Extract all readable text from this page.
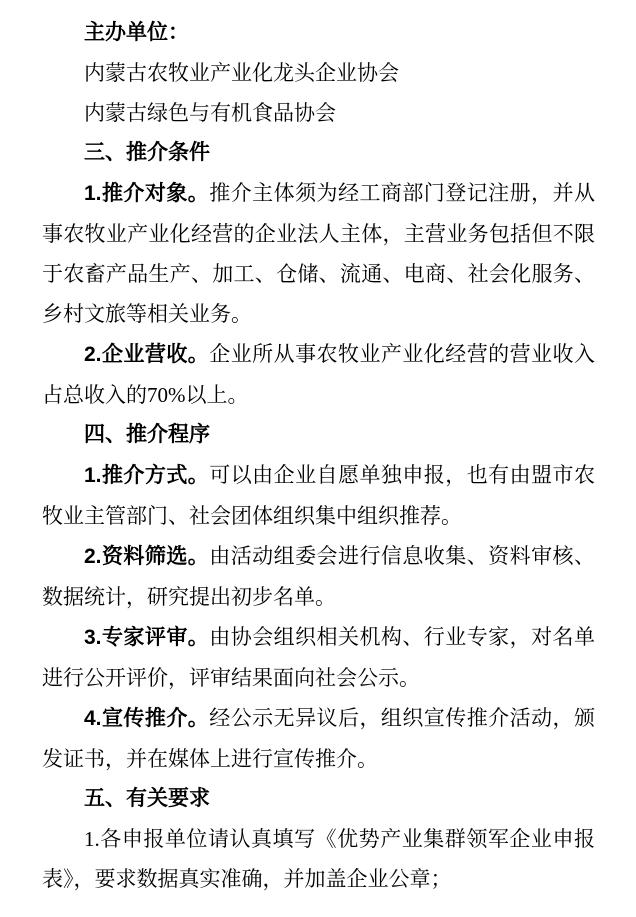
主办单位：

内蒙古农牧业产业化龙头企业协会

内蒙古绿色与有机食品协会

三、推介条件

1.推介对象。推介主体须为经工商部门登记注册，并从事农牧业产业化经营的企业法人主体，主营业务包括但不限于农畜产品生产、加工、仓储、流通、电商、社会化服务、乡村文旅等相关业务。

2.企业营收。企业所从事农牧业产业化经营的营业收入占总收入的70%以上。

四、推介程序

1.推介方式。可以由企业自愿单独申报，也有由盟市农牧业主管部门、社会团体组织集中组织推荐。

2.资料筛选。由活动组委会进行信息收集、资料审核、数据统计，研究提出初步名单。

3.专家评审。由协会组织相关机构、行业专家，对名单进行公开评价，评审结果面向社会公示。

4.宣传推介。经公示无异议后，组织宣传推介活动，颁发证书，并在媒体上进行宣传推介。

五、有关要求

1.各申报单位请认真填写《优势产业集群领军企业申报表》，要求数据真实准确，并加盖企业公章；
